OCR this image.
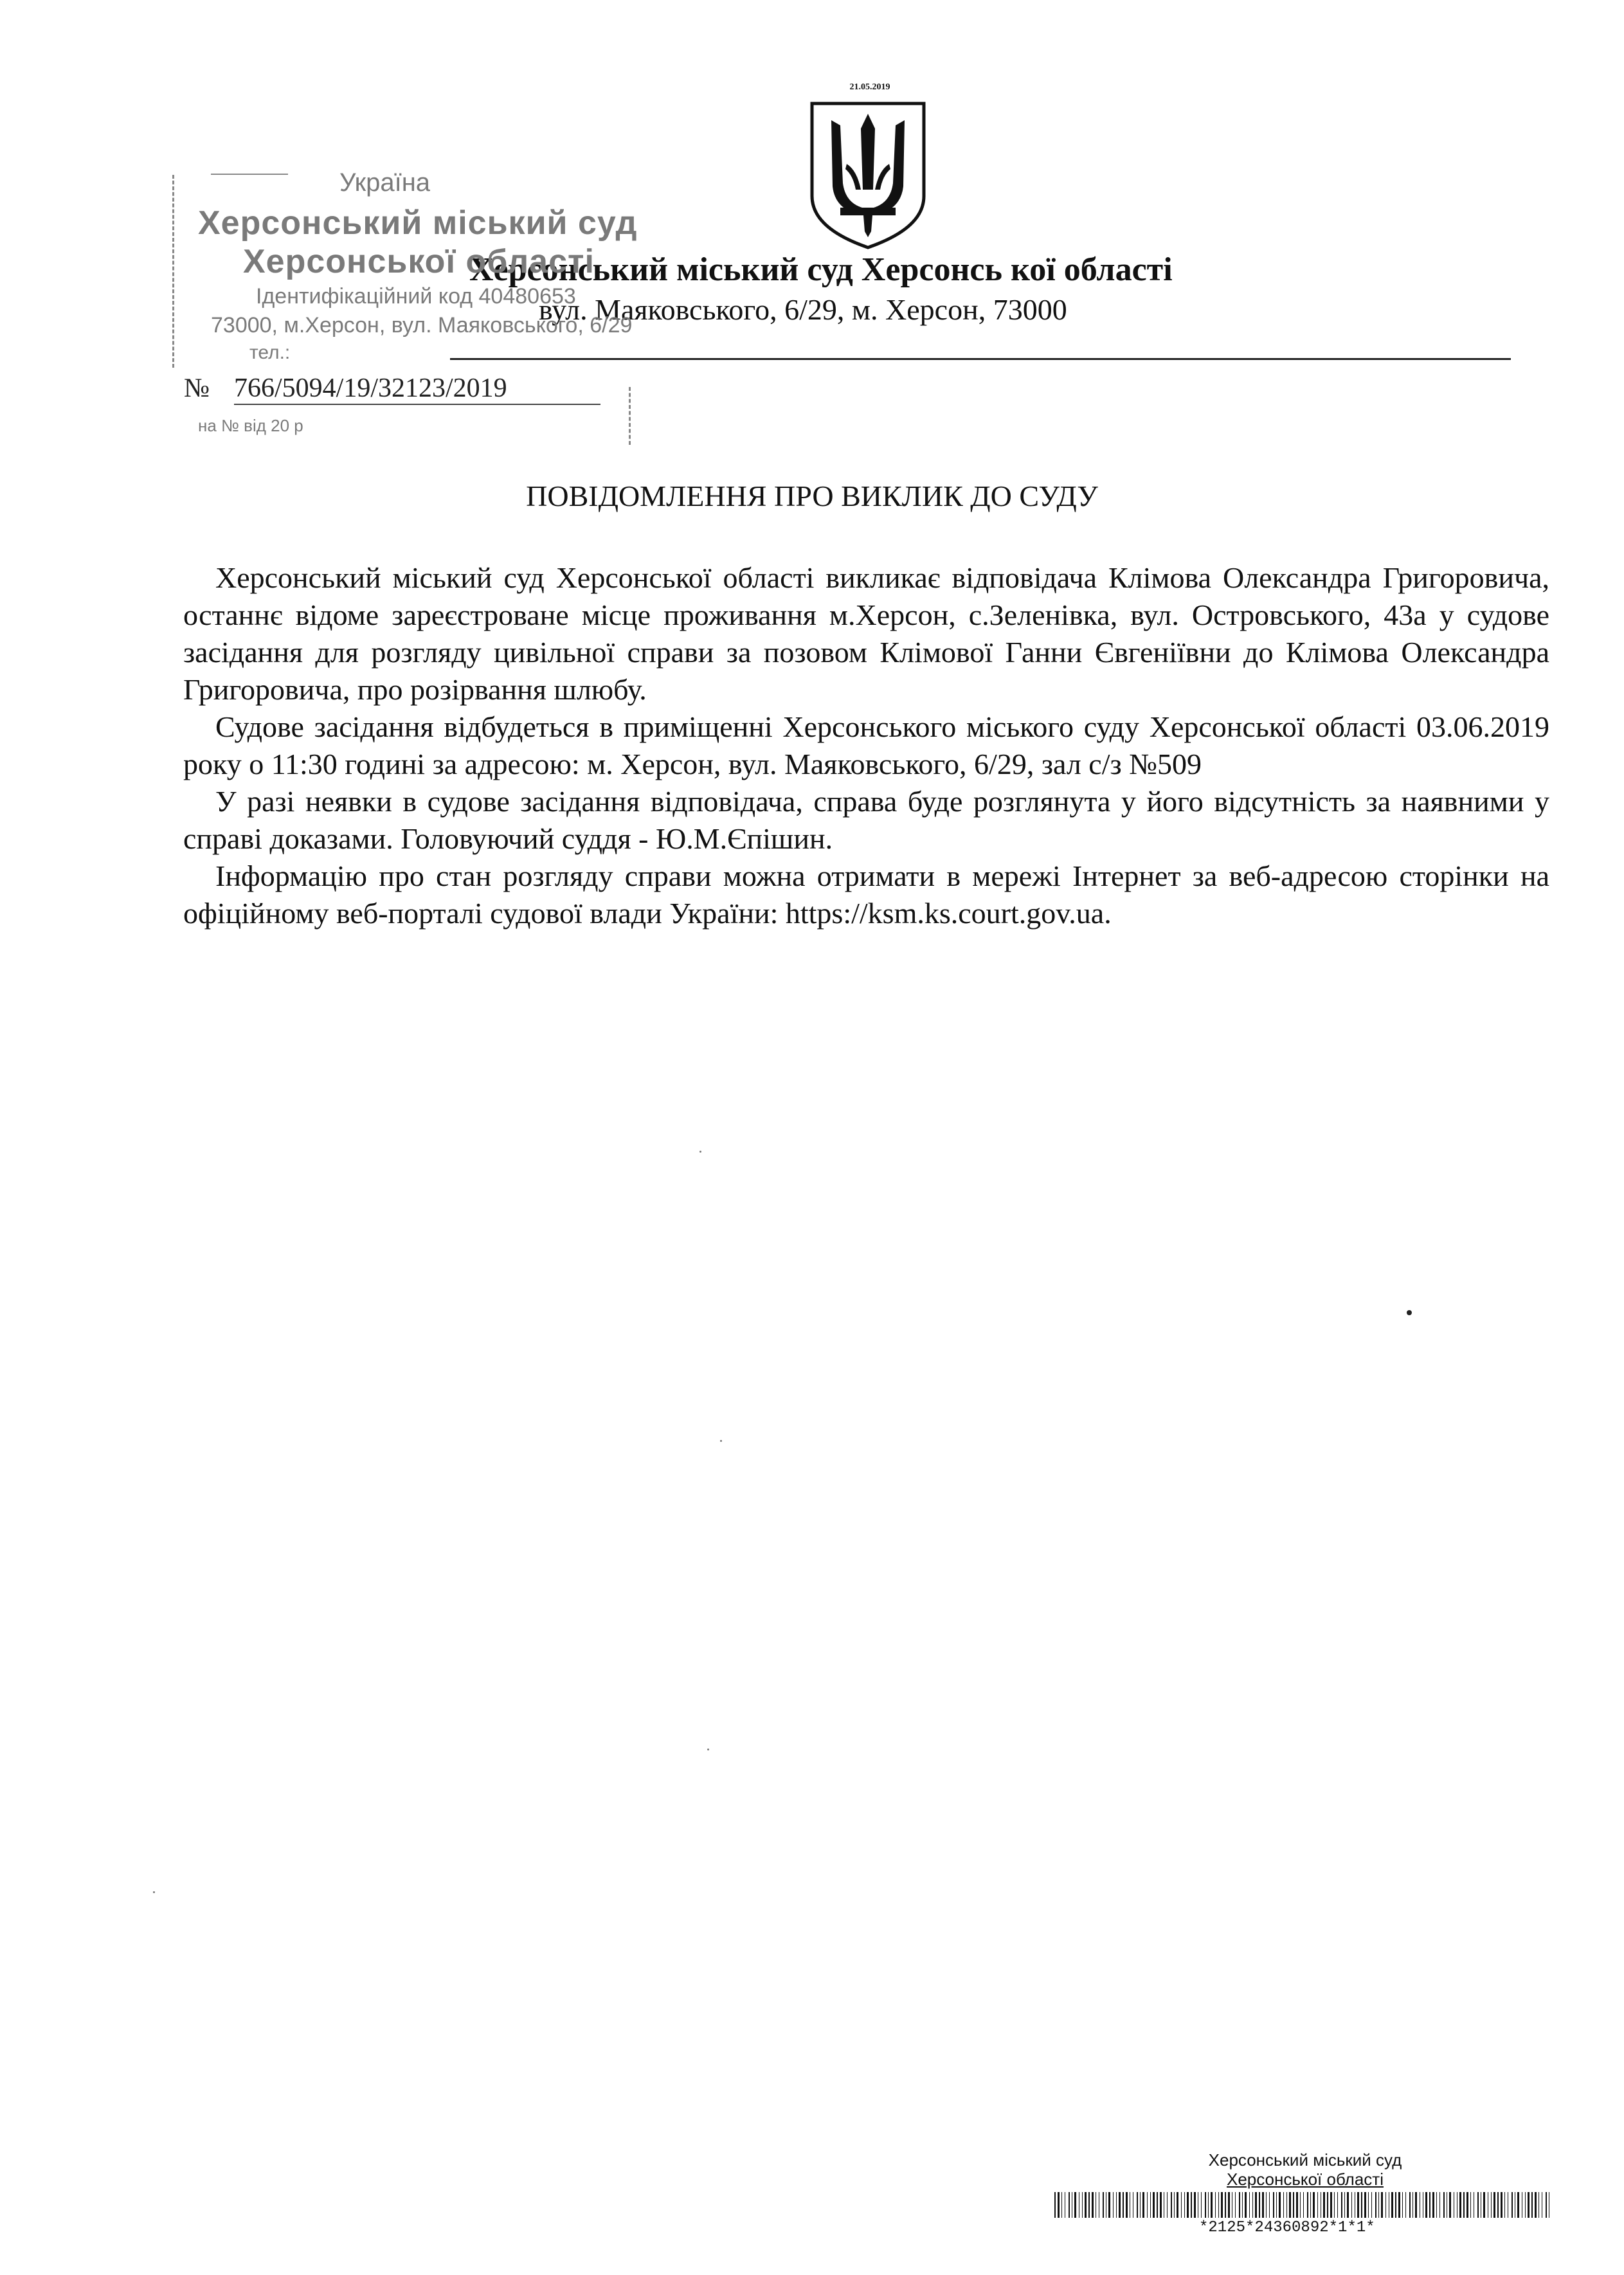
21.05.2019
Херсонський міський суд Херсонсь кої області
вул. Маяковського, 6/29, м. Херсон, 73000
Україна
Херсонський міський суд
Херсонської області
Ідентифікаційний код 40480653
73000, м.Херсон, вул. Маяковського, 6/29
тел.:
№ 766/5094/19/32123/2019
на № від 20 р
ПОВІДОМЛЕННЯ ПРО ВИКЛИК ДО СУДУ

Херсонський міський суд Херсонської області викликає відповідача Клімова Олександра Григоровича, останнє відоме зареєстроване місце проживання м.Херсон, с.Зеленівка, вул. Островського, 43а у судове засідання для розгляду цивільної справи за позовом Клімової Ганни Євгеніївни до Клімова Олександра Григоровича, про розірвання шлюбу.

Судове засідання відбудеться в приміщенні Херсонського міського суду Херсонської області 03.06.2019 року о 11:30 годині за адресою: м. Херсон, вул. Маяковського, 6/29, зал с/з №509

У разі неявки в судове засідання відповідача, справа буде розглянута у його відсутність за наявними у справі доказами. Головуючий суддя - Ю.М.Єпішин.

Інформацію про стан розгляду справи можна отримати в мережі Інтернет за веб-адресою сторінки на офіційному веб-порталі судової влади України: https://ksm.ks.court.gov.ua.

Херсонський міський суд
Херсонської області
*2125*24360892*1*1*
